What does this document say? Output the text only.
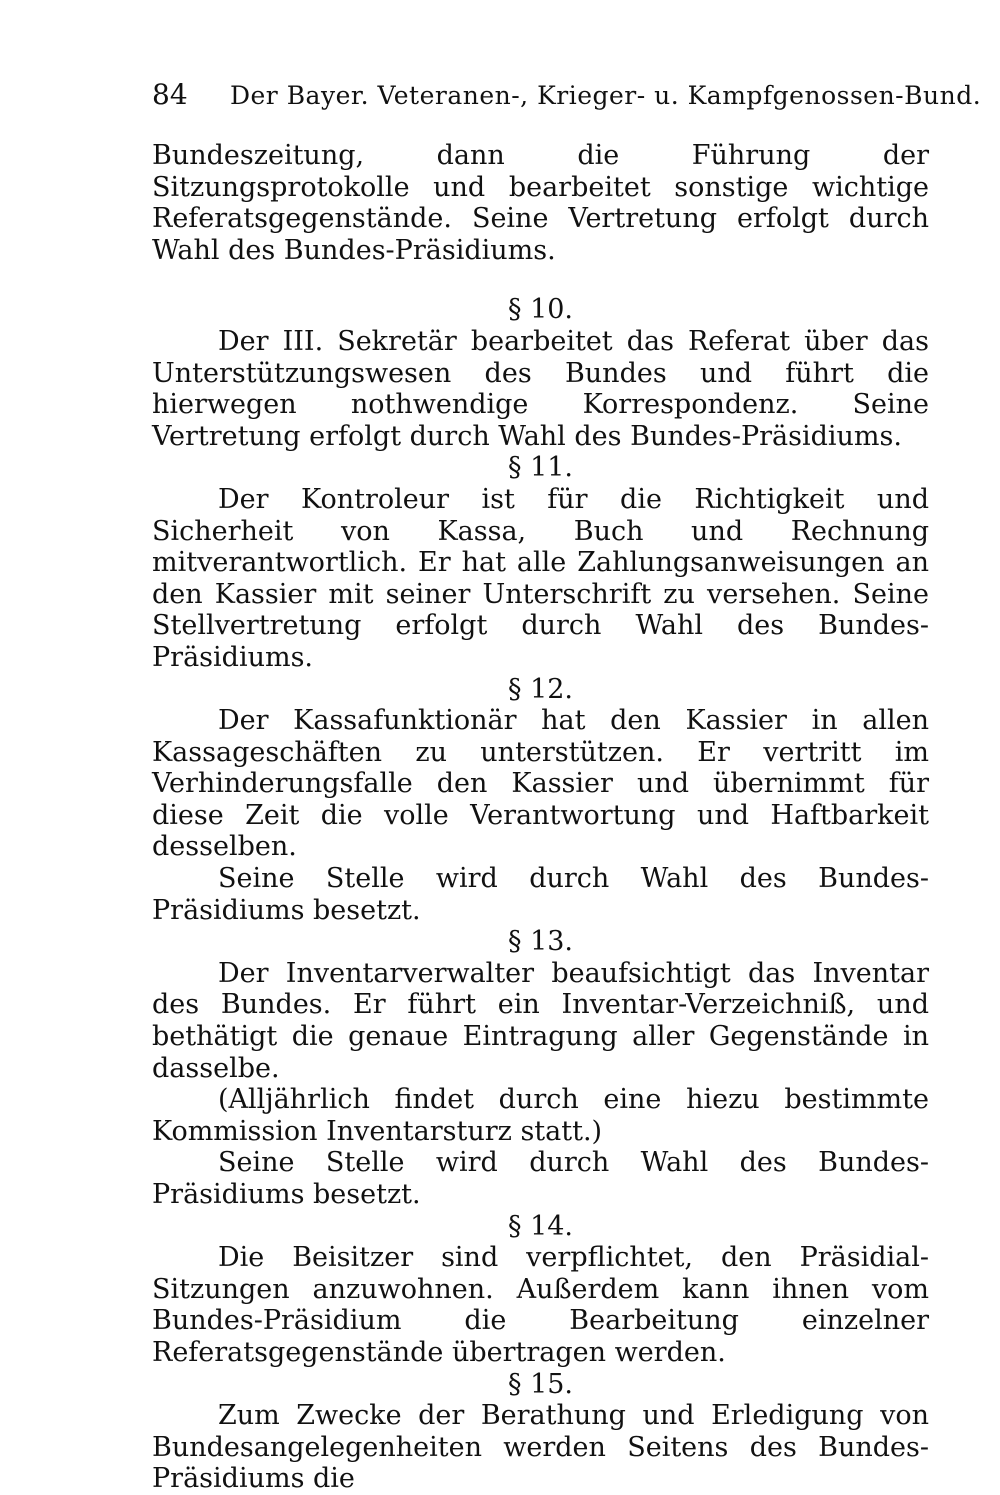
84 Der Bayer. Veteranen-, Krieger- u. Kampfgenossen-Bund.

Bundeszeitung, dann die Führung der Sitzungsprotokolle und bearbeitet sonstige wichtige Referatsgegenstände. Seine Vertretung erfolgt durch Wahl des Bundes-Präsidiums.

§ 10.

Der III. Sekretär bearbeitet das Referat über das Unterstützungswesen des Bundes und führt die hierwegen nothwendige Korrespondenz. Seine Vertretung erfolgt durch Wahl des Bundes-Präsidiums.

§ 11.

Der Kontroleur ist für die Richtigkeit und Sicherheit von Kassa, Buch und Rechnung mitverantwortlich. Er hat alle Zahlungsanweisungen an den Kassier mit seiner Unterschrift zu versehen. Seine Stellvertretung erfolgt durch Wahl des Bundes-Präsidiums.

§ 12.

Der Kassafunktionär hat den Kassier in allen Kassageschäften zu unterstützen. Er vertritt im Verhinderungsfalle den Kassier und übernimmt für diese Zeit die volle Verantwortung und Haftbarkeit desselben.

Seine Stelle wird durch Wahl des Bundes-Präsidiums besetzt.

§ 13.

Der Inventarverwalter beaufsichtigt das Inventar des Bundes. Er führt ein Inventar-Verzeichniß, und bethätigt die genaue Eintragung aller Gegenstände in dasselbe.

(Alljährlich findet durch eine hiezu bestimmte Kommission Inventarsturz statt.)

Seine Stelle wird durch Wahl des Bundes-Präsidiums besetzt.

§ 14.

Die Beisitzer sind verpflichtet, den Präsidial-Sitzungen anzuwohnen. Außerdem kann ihnen vom Bundes-Präsidium die Bearbeitung einzelner Referatsgegenstände übertragen werden.

§ 15.

Zum Zwecke der Berathung und Erledigung von Bundesangelegenheiten werden Seitens des Bundes-Präsidiums die
